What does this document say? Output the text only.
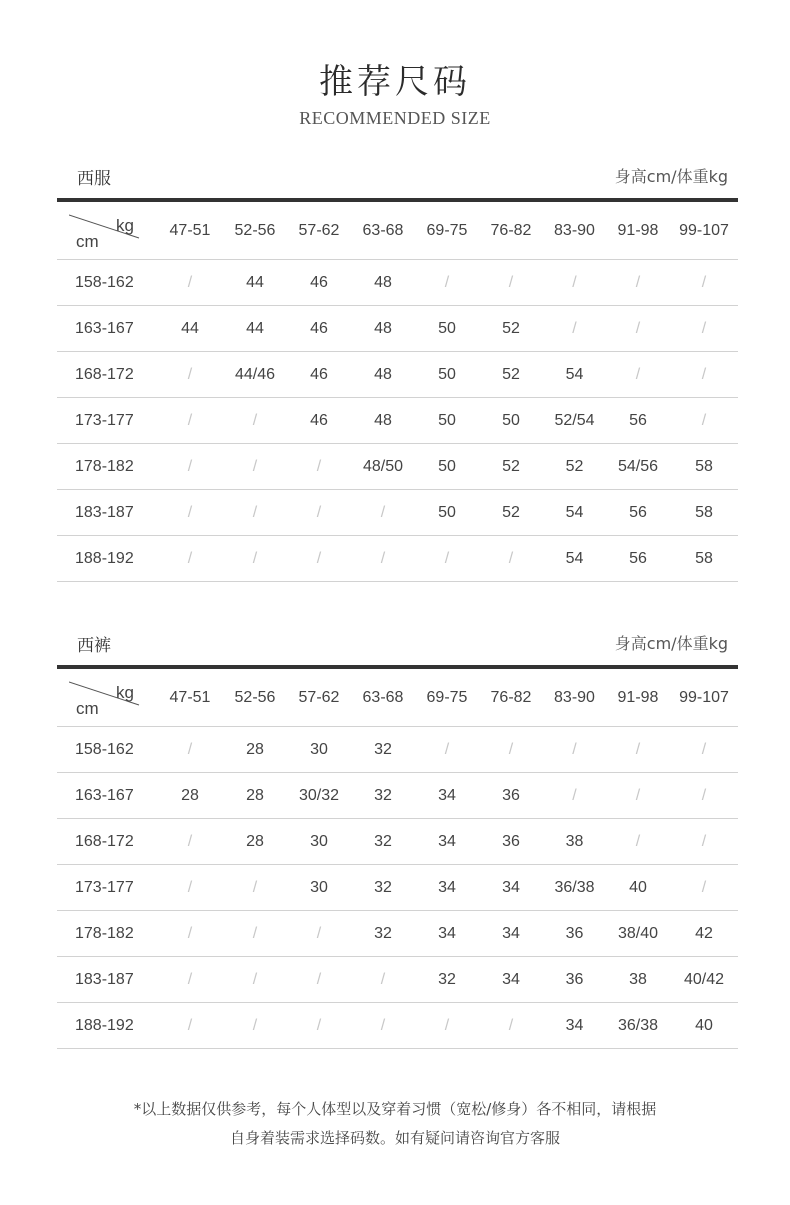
推荐尺码
RECOMMENDED SIZE
西服	身高cm/体重kg
kg
cm	47-51	52-56	57-62	63-68	69-75	76-82	83-90	91-98	99-107
158-162	/	44	46	48	/	/	/	/	/
163-167	44	44	46	48	50	52	/	/	/
168-172	/	44/46	46	48	50	52	54	/	/
173-177	/	/	46	48	50	50	52/54	56	/
178-182	/	/	/	48/50	50	52	52	54/56	58
183-187	/	/	/	/	50	52	54	56	58
188-192	/	/	/	/	/	/	54	56	58
西裤	身高cm/体重kg
kg
cm	47-51	52-56	57-62	63-68	69-75	76-82	83-90	91-98	99-107
158-162	/	28	30	32	/	/	/	/	/
163-167	28	28	30/32	32	34	36	/	/	/
168-172	/	28	30	32	34	36	38	/	/
173-177	/	/	30	32	34	34	36/38	40	/
178-182	/	/	/	32	34	34	36	38/40	42
183-187	/	/	/	/	32	34	36	38	40/42
188-192	/	/	/	/	/	/	34	36/38	40
*以上数据仅供参考，每个人体型以及穿着习惯（宽松/修身）各不相同，请根据
自身着装需求选择码数。如有疑问请咨询官方客服
